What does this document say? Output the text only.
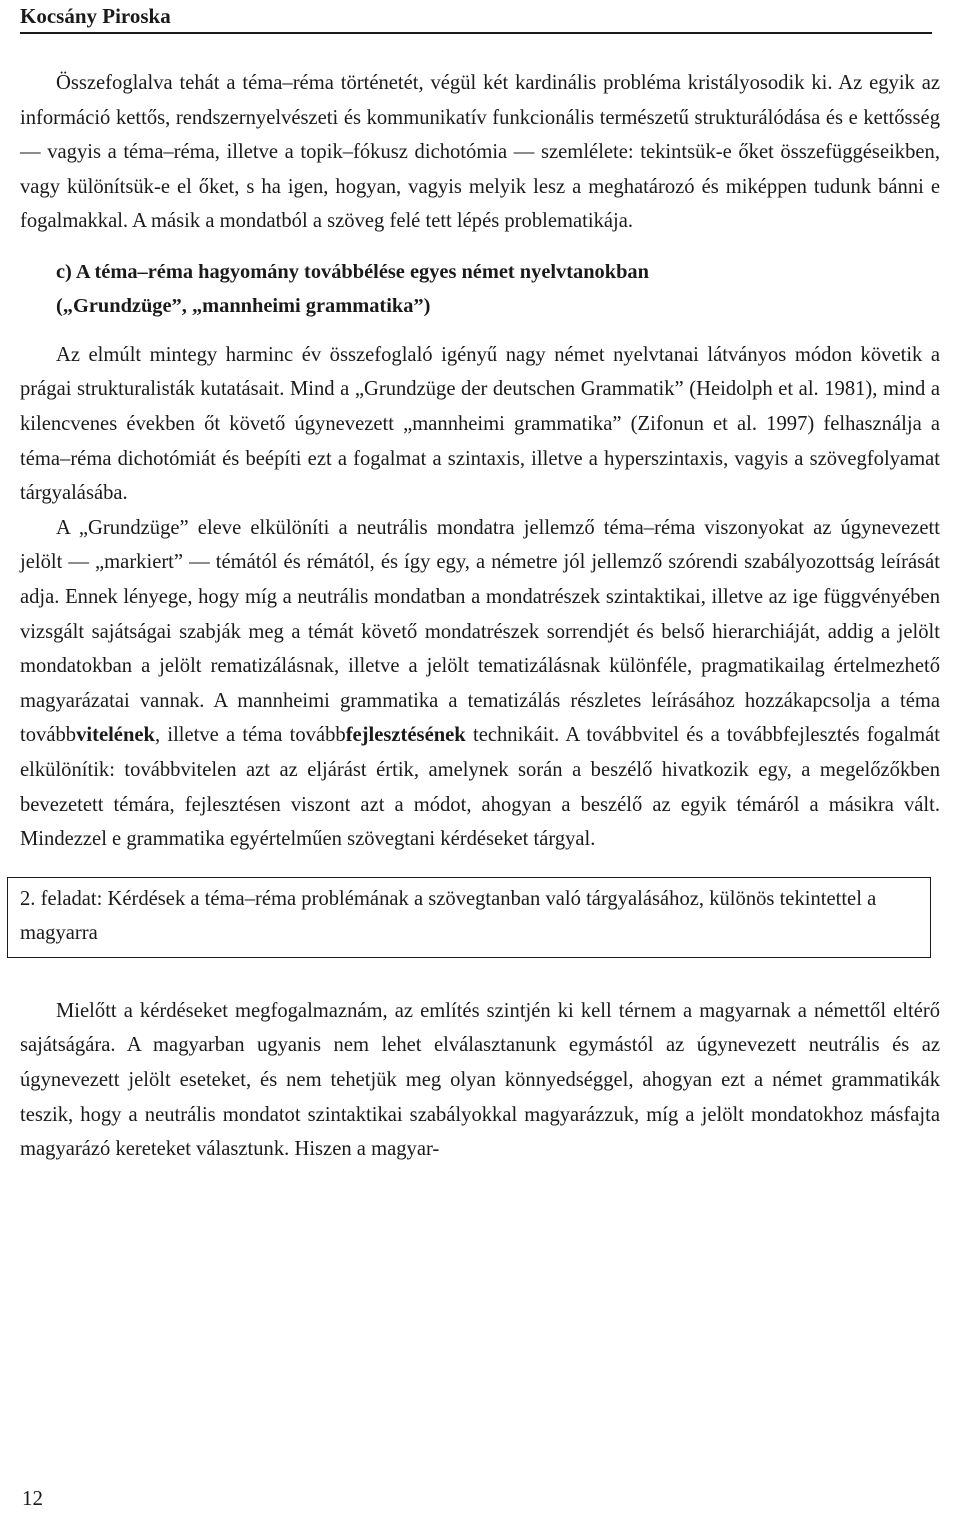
Kocsány Piroska

Összefoglalva tehát a téma–réma történetét, végül két kardinális probléma kristályosodik ki. Az egyik az információ kettős, rendszernyelvészeti és kommunikatív funkcionális természetű strukturálódása és e kettősség — vagyis a téma–réma, illetve a topik–fókusz dichotómia — szemlélete: tekintsük-e őket összefüggéseikben, vagy különítsük-e el őket, s ha igen, hogyan, vagyis melyik lesz a meghatározó és miképpen tudunk bánni e fogalmakkal. A másik a mondatból a szöveg felé tett lépés problematikája.

c) A téma–réma hagyomány továbbélése egyes német nyelvtanokban
(„Grundzüge”, „mannheimi grammatika”)

Az elmúlt mintegy harminc év összefoglaló igényű nagy német nyelvtanai látványos módon követik a prágai strukturalisták kutatásait. Mind a „Grundzüge der deutschen Grammatik” (Heidolph et al. 1981), mind a kilencvenes években őt követő úgynevezett „mannheimi grammatika” (Zifonun et al. 1997) felhasználja a téma–réma dichotómiát és beépíti ezt a fogalmat a szintaxis, illetve a hyperszintaxis, vagyis a szövegfolyamat tárgyalásába.

A „Grundzüge” eleve elkülöníti a neutrális mondatra jellemző téma–réma viszonyokat az úgynevezett jelölt — „markiert” — témától és rémától, és így egy, a németre jól jellemző szórendi szabályozottság leírását adja. Ennek lényege, hogy míg a neutrális mondatban a mondatrészek szintaktikai, illetve az ige függvényében vizsgált sajátságai szabják meg a témát követő mondatrészek sorrendjét és belső hierarchiáját, addig a jelölt mondatokban a jelölt rematizálásnak, illetve a jelölt tematizálásnak különféle, pragmatikailag értelmezhető magyarázatai vannak. A mannheimi grammatika a tematizálás részletes leírásához hozzákapcsolja a téma továbbvitelének, illetve a téma továbbfejlesztésének technikáit. A továbbvitel és a továbbfejlesztés fogalmát elkülönítik: továbbvitelen azt az eljárást értik, amelynek során a beszélő hivatkozik egy, a megelőzőkben bevezetett témára, fejlesztésen viszont azt a módot, ahogyan a beszélő az egyik témáról a másikra vált. Mindezzel e grammatika egyértelműen szövegtani kérdéseket tárgyal.

2. feladat: Kérdések a téma–réma problémának a szövegtanban való tárgyalásához, különös tekintettel a magyarra

Mielőtt a kérdéseket megfogalmaznám, az említés szintjén ki kell térnem a magyarnak a némettől eltérő sajátságára. A magyarban ugyanis nem lehet elválasztanunk egymástól az úgynevezett neutrális és az úgynevezett jelölt eseteket, és nem tehetjük meg olyan könnyedséggel, ahogyan ezt a német grammatikák teszik, hogy a neutrális mondatot szintaktikai szabályokkal magyarázzuk, míg a jelölt mondatokhoz másfajta magyarázó kereteket választunk. Hiszen a magyar-

12
